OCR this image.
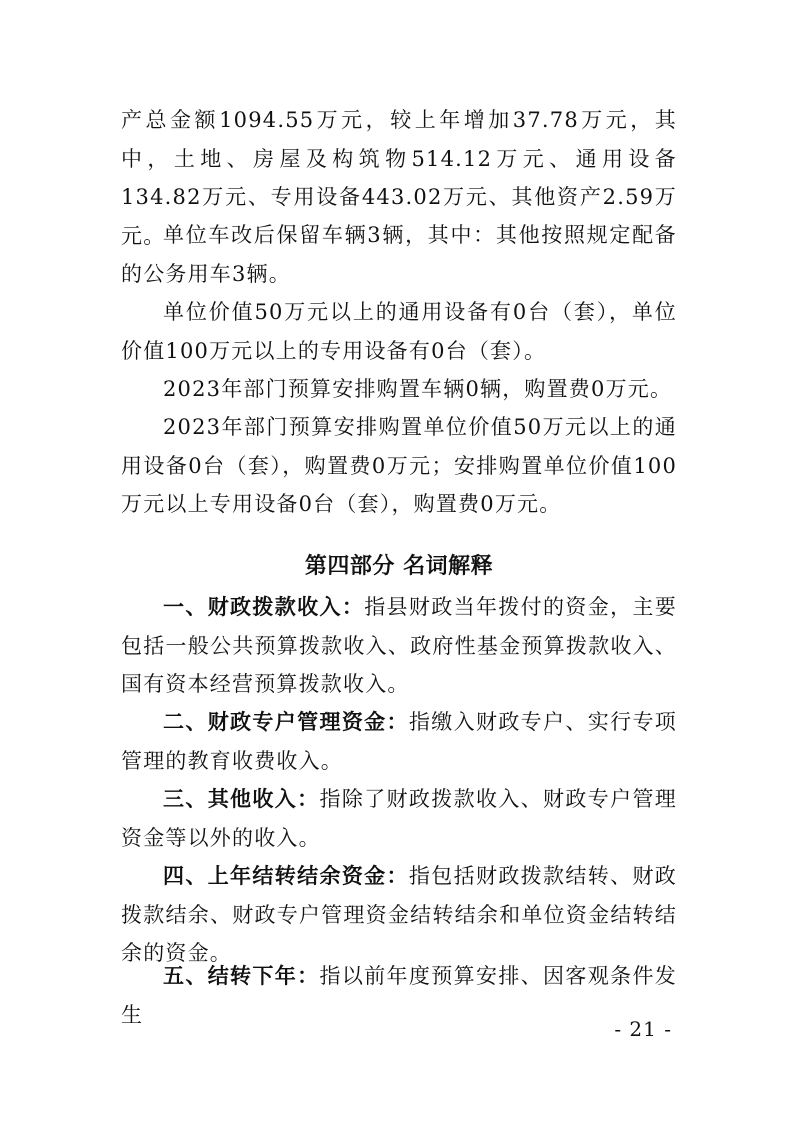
产总金额1094.55万元，较上年增加37.78万元，其中，土地、房屋及构筑物514.12万元、通用设备134.82万元、专用设备443.02万元、其他资产2.59万元。

单位车改后保留车辆3辆，其中：其他按照规定配备的公务用车3辆。

单位价值50万元以上的通用设备有0台（套），单位价值100万元以上的专用设备有0台（套）。

2023年部门预算安排购置车辆0辆，购置费0万元。

2023年部门预算安排购置单位价值50万元以上的通用设备0台（套），购置费0万元；安排购置单位价值100万元以上专用设备0台（套），购置费0万元。

第四部分 名词解释

一、财政拨款收入：指县财政当年拨付的资金，主要包括一般公共预算拨款收入、政府性基金预算拨款收入、国有资本经营预算拨款收入。

二、财政专户管理资金：指缴入财政专户、实行专项管理的教育收费收入。

三、其他收入：指除了财政拨款收入、财政专户管理资金等以外的收入。

四、上年结转结余资金：指包括财政拨款结转、财政拨款结余、财政专户管理资金结转结余和单位资金结转结余的资金。

五、结转下年：指以前年度预算安排、因客观条件发生

- 21 -
